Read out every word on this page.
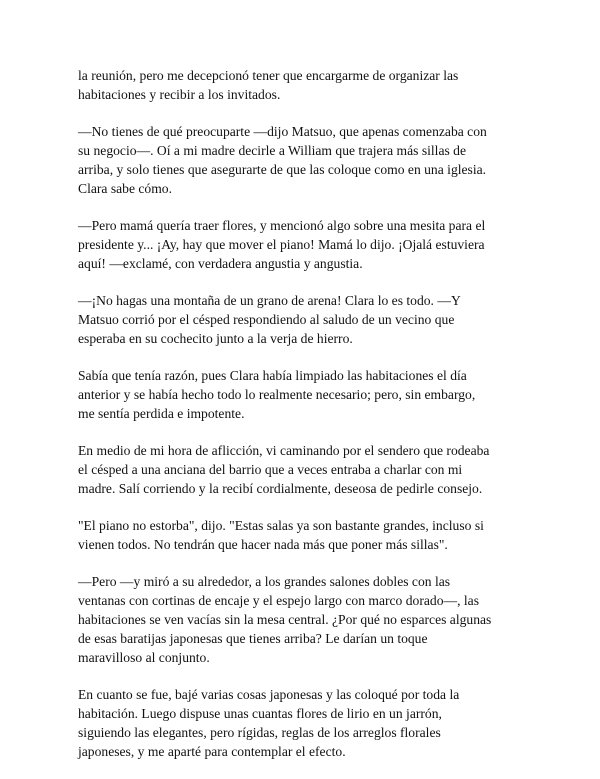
la reunión, pero me decepcionó tener que encargarme de organizar las
habitaciones y recibir a los invitados.

—No tienes de qué preocuparte —dijo Matsuo, que apenas comenzaba con
su negocio—. Oí a mi madre decirle a William que trajera más sillas de
arriba, y solo tienes que asegurarte de que las coloque como en una iglesia.
Clara sabe cómo.

—Pero mamá quería traer flores, y mencionó algo sobre una mesita para el
presidente y... ¡Ay, hay que mover el piano! Mamá lo dijo. ¡Ojalá estuviera
aquí! —exclamé, con verdadera angustia y angustia.

—¡No hagas una montaña de un grano de arena! Clara lo es todo. —Y
Matsuo corrió por el césped respondiendo al saludo de un vecino que
esperaba en su cochecito junto a la verja de hierro.

Sabía que tenía razón, pues Clara había limpiado las habitaciones el día
anterior y se había hecho todo lo realmente necesario; pero, sin embargo,
me sentía perdida e impotente.

En medio de mi hora de aflicción, vi caminando por el sendero que rodeaba
el césped a una anciana del barrio que a veces entraba a charlar con mi
madre. Salí corriendo y la recibí cordialmente, deseosa de pedirle consejo.

"El piano no estorba", dijo. "Estas salas ya son bastante grandes, incluso si
vienen todos. No tendrán que hacer nada más que poner más sillas".

—Pero —y miró a su alrededor, a los grandes salones dobles con las
ventanas con cortinas de encaje y el espejo largo con marco dorado—, las
habitaciones se ven vacías sin la mesa central. ¿Por qué no esparces algunas
de esas baratijas japonesas que tienes arriba? Le darían un toque
maravilloso al conjunto.

En cuanto se fue, bajé varias cosas japonesas y las coloqué por toda la
habitación. Luego dispuse unas cuantas flores de lirio en un jarrón,
siguiendo las elegantes, pero rígidas, reglas de los arreglos florales
japoneses, y me aparté para contemplar el efecto.
